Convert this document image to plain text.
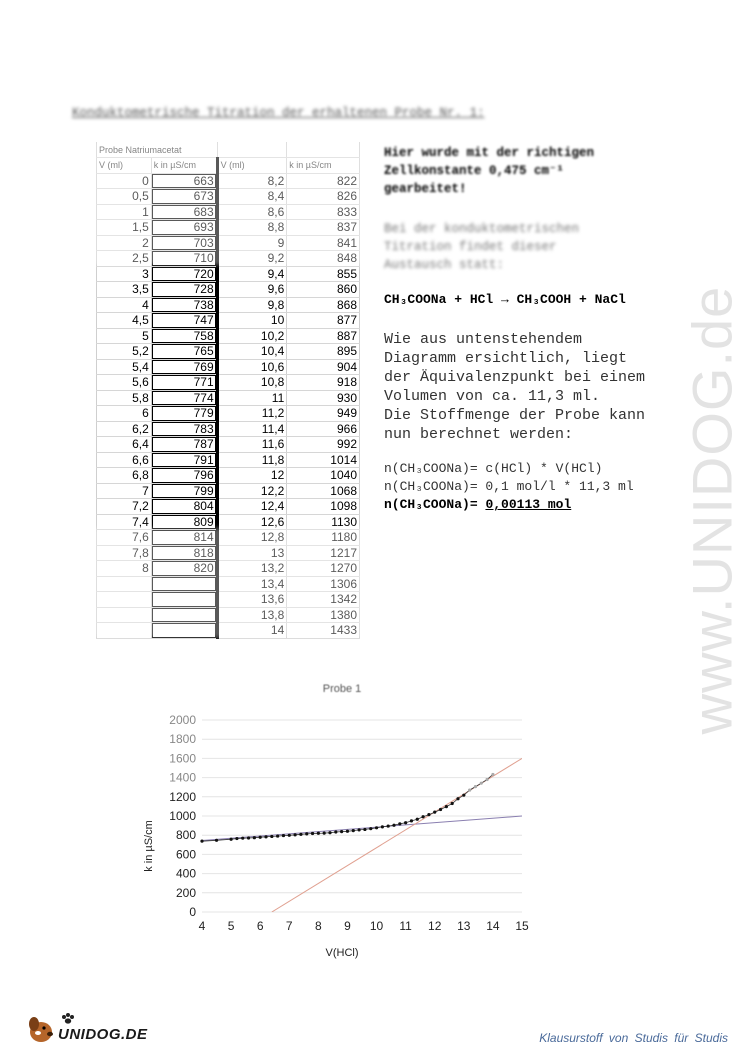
Konduktometrische Titration der erhaltenen Probe Nr. 1:
Probe Natriumacetat			
V (ml)	k in µS/cm	V (ml)	k in µS/cm
0	663	8,2	822
0,5	673	8,4	826
1	683	8,6	833
1,5	693	8,8	837
2	703	9	841
2,5	710	9,2	848
3	720	9,4	855
3,5	728	9,6	860
4	738	9,8	868
4,5	747	10	877
5	758	10,2	887
5,2	765	10,4	895
5,4	769	10,6	904
5,6	771	10,8	918
5,8	774	11	930
6	779	11,2	949
6,2	783	11,4	966
6,4	787	11,6	992
6,6	791	11,8	1014
6,8	796	12	1040
7	799	12,2	1068
7,2	804	12,4	1098
7,4	809	12,6	1130
7,6	814	12,8	1180
7,8	818	13	1217
8	820	13,2	1270
		13,4	1306
		13,6	1342
		13,8	1380
		14	1433
Hier wurde mit der richtigen
Zellkonstante 0,475 cm⁻¹
gearbeitet!
Bei der konduktometrischen
Titration findet dieser
Austausch statt:
CH₃COONa + HCl → CH₃COOH + NaCl
Wie aus untenstehendem
Diagramm ersichtlich, liegt
der Äquivalenzpunkt bei einem
Volumen von ca. 11,3 ml.
Die Stoffmenge der Probe kann
nun berechnet werden:
n(CH₃COONa)= c(HCl) * V(HCl)
n(CH₃COONa)= 0,1 mol/l * 11,3 ml
n(CH₃COONa)= 0,00113 mol	www.UNIDOG.de
Probe 1
0
200
400
600
800
1000
1200
1400
1600
1800
2000
4 5 6 7 8 9 10 11 12 13 14 15
V(HCl)
k in µS/cm
UNIDOG.DE	Klausurstoff von Studis für Studis
